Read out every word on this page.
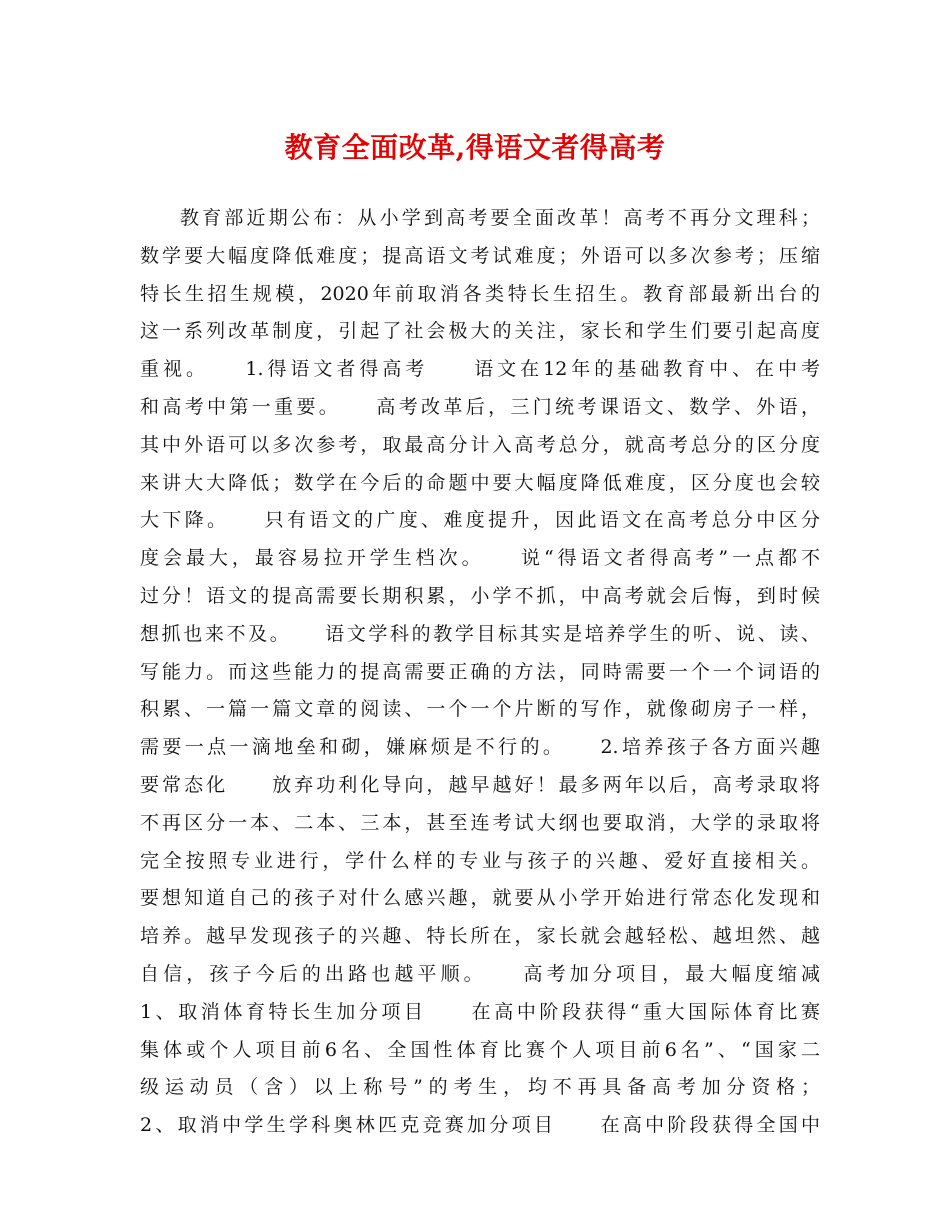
教育全面改革,得语文者得高考
教育部近期公布：从小学到高考要全面改革！高考不再分文理科；
数学要大幅度降低难度；提高语文考试难度；外语可以多次参考；压缩
特长生招生规模，2020年前取消各类特长生招生。教育部最新出台的
这一系列改革制度，引起了社会极大的关注，家长和学生们要引起高度
重视。　　1.得语文者得高考　　语文在12年的基础教育中、在中考
和高考中第一重要。　　高考改革后，三门统考课语文、数学、外语，
其中外语可以多次参考，取最高分计入高考总分，就高考总分的区分度
来讲大大降低；数学在今后的命题中要大幅度降低难度，区分度也会较
大下降。　　只有语文的广度、难度提升，因此语文在高考总分中区分
度会最大，最容易拉开学生档次。　　说“得语文者得高考”一点都不
过分！语文的提高需要长期积累，小学不抓，中高考就会后悔，到时候
想抓也来不及。　　语文学科的教学目标其实是培养学生的听、说、读、
写能力。而这些能力的提高需要正确的方法，同時需要一个一个词语的
积累、一篇一篇文章的阅读、一个一个片断的写作，就像砌房子一样，
需要一点一滴地垒和砌，嫌麻烦是不行的。　　2.培养孩子各方面兴趣
要常态化　　放弃功利化导向，越早越好！最多两年以后，高考录取将
不再区分一本、二本、三本，甚至连考试大纲也要取消，大学的录取将
完全按照专业进行，学什么样的专业与孩子的兴趣、爱好直接相关。
要想知道自己的孩子对什么感兴趣，就要从小学开始进行常态化发现和
培养。越早发现孩子的兴趣、特长所在，家长就会越轻松、越坦然、越
自信，孩子今后的出路也越平顺。　　高考加分项目，最大幅度缩减
1、取消体育特长生加分项目　　在高中阶段获得“重大国际体育比赛
集体或个人项目前6名、全国性体育比赛个人项目前6名”、“国家二
级运动员（含）以上称号”的考生，均不再具备高考加分资格；
2、取消中学生学科奥林匹克竞赛加分项目　　在高中阶段获得全国中
